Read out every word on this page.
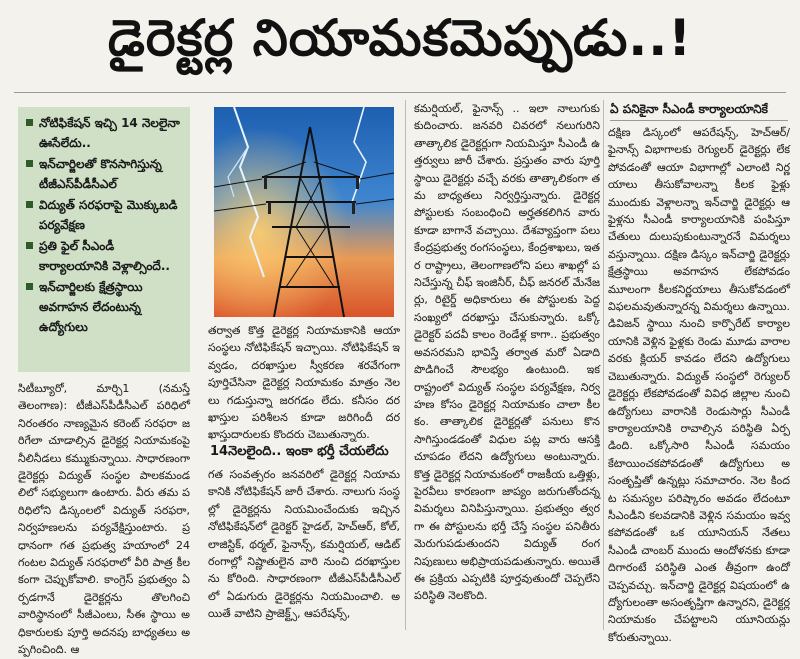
డైరెక్టర్ల నియామకమెప్పుడు..!
నోటిఫికేషన్ ఇచ్చి 14 నెలలైనా ఊసేలేదు..
ఇన్‌చార్జిలతో కొనసాగిస్తున్న టీజీఎస్‌పీడీసీఎల్
విద్యుత్ సరఫరాపై మొక్కుబడి పర్యవేక్షణ
ప్రతి ఫైల్ సీఎండీ కార్యాలయానికి వెళ్లాల్సిందే..
ఇన్‌చార్జిలకు క్షేత్రస్థాయి అవగాహన లేదంటున్న ఉద్యోగులు

సిటీబ్యూరో, మార్చి1 (నమస్తే తెలంగాణ): టీజీఎస్‌పీడీసీఎల్ పరిధిలో నిరంతరం నాణ్యమైన కరెంట్ సరఫరా జరిగేలా చూడాల్సిన డైరెక్టర్ల నియామకంపై నీలినీడలు కమ్ముకున్నాయి. సాధారణంగా డైరెక్టర్లు విద్యుత్ సంస్థల పాలకమండలిలో సభ్యులుగా ఉంటారు. వీరు తమ పరిధిలోని డిస్కంలలో విద్యుత్ సరఫరా, నిర్వహణలను పర్యవేక్షిస్తుంటారు. ప్రధానంగా గత ప్రభుత్వ హయాంలో 24గంటల విద్యుత్ సరఫరాలో వీరి పాత్ర కీలకంగా చెప్పుకోవాలి. కాంగ్రెస్ ప్రభుత్వం ఏర్పడగానే డైరెక్టర్లను తొలగించి వారిస్థానంలో సీజీఎంలు, సీఈ స్థాయి అధికారులకు పూర్తి అదనపు బాధ్యతలు అప్పగించింది. ఆ

తర్వాత కొత్త డైరెక్టర్ల నియామకానికి ఆయా సంస్థలు నోటిఫికేషన్ ఇచ్చాయి. నోటిఫికేషన్ ఇవ్వడం, దరఖాస్తుల స్వీకరణ శరవేగంగా పూర్తిచేసినా డైరెక్టర్ల నియామకం మాత్రం నెలలు గడుస్తున్నా జరగడం లేదు. కనీసం దరఖాస్తుల పరిశీలన కూడా జరిగిందీ దర ఖాస్తుదారులకు కొందరు చెబుతున్నారు.

14నెలలైంది.. ఇంకా భర్తీ చేయలేదు

గత సంవత్సరం జనవరిలో డైరెక్టర్ల నియామకానికి నోటిఫికేషన్ జారీ చేశారు. నాలుగు సంస్థల్లో డైరెక్టర్లను నియమించేందుకు ఇచ్చిన నోటిఫికేషన్‌లో డైరెక్టర్ హైడల్, హెచ్‌ఆర్, కోల్, లాజిస్టిక్, థర్మల్, ఫైనాన్స్, కమర్షియల్, ఆడిట్ రంగాల్లో నిష్ణాతులైన వారి నుంచి దరఖాస్తులను కోరింది. సాధారణంగా టీజీఎస్‌పీడీసీఎల్ లో ఏడుగురు డైరెక్టర్లను నియమించాలి. అయితే వాటిని ప్రాజెక్ట్స్, ఆపరేషన్స్,

కమర్షియల్, ఫైనాన్స్ .. ఇలా నాలుగుకు కుదించారు. జనవరి చివరలో నలుగురిని తాత్కాలిక డైరెక్టర్లుగా నియమిస్తూ సీఎండీ ఉత్తర్వులు జారీ చేశారు. ప్రస్తుతం వారు పూర్తి స్థాయి డైరెక్టర్లు వచ్చే వరకు తాత్కాలికంగా తమ బాధ్యతలు నిర్వర్తిస్తున్నారు. డైరెక్టర్ల పోస్టులకు సంబంధించి అర్హతకలిగిన వారు కూడా బాగానే వచ్చాయి. దేశవ్యాప్తంగా పలు కేంద్రప్రభుత్వ రంగసంస్థలు, కేంద్రశాఖలు, ఇతర రాష్ట్రాలు, తెలంగాణలోని పలు శాఖల్లో పనిచేస్తున్న చీఫ్ ఇంజినీర్, చీఫ్ జనరల్ మేనేజర్లు, రిటైర్డ్ అధికారులు ఈ పోస్టులకు పెద్ద సంఖ్యలో దరఖాస్తు చేసుకున్నారు. ఒక్కో డైరెక్టర్ పదవీ కాలం రెండేళ్ల కాగా.. ప్రభుత్వం అవసరమని భావిస్తే తర్వాత మరో ఏడాది పొడిగించే సౌలభ్యం ఉంటుంది. ఇక రాష్ట్రంలో విద్యుత్ సంస్థల పర్యవేక్షణ, నిర్వహణ కోసం డైరెక్టర్ల నియామకం చాలా కీలకం. తాత్కాలిక డైరెక్టర్లతో పనులు కొనసాగిస్తుండడంతో విధుల పట్ల వారు ఆసక్తి చూపడం లేదని ఉద్యోగులు అంటున్నారు. కొత్త డైరెక్టర్ల నియామకంలో రాజకీయ ఒత్తిళ్లు, పైరవీలు కారణంగా జాప్యం జరుగుతోందన్న విమర్శలు వినిపిస్తున్నాయి. ప్రభుత్వం త్వరగా ఈ పోస్టులను భర్తీ చేస్తే సంస్థల పనితీరు మెరుగుపడుతుందని విద్యుత్ రంగ నిపుణులు అభిప్రాయపడుతున్నారు. అయితే ఈ ప్రక్రియ ఎప్పటికి పూర్తవుతుందో చెప్పలేని పరిస్థితి నెలకొంది.

ఏ పనికైనా సీఎండీ కార్యాలయానికే

దక్షిణ డిస్కంలో ఆపరేషన్స్, హెచ్‌ఆర్/ఫైనాన్స్ విభాగాలకు రెగ్యులర్ డైరెక్టర్లు లేకపోవడంతో ఆయా విభాగాల్లో ఎలాంటి నిర్ణయాలు తీసుకోవాలన్నా కీలక ఫైళ్లు ముందుకు వెళ్లాలన్నా ఇన్‌చార్జి డైరెక్టర్లు ఆ ఫైళ్లను సీఎండీ కార్యాలయానికి పంపిస్తూ చేతులు దులుపుకుంటున్నారనే విమర్శలు వస్తున్నాయి. దక్షిణ డిస్కం ఇన్‌చార్జి డైరెక్టర్లు క్షేత్రస్థాయి అవగాహన లేకపోవడం మూలంగా కీలకనిర్ణయాలు తీసుకోవడంలో విఫలమవుతున్నారన్న విమర్శలు ఉన్నాయి. డివిజన్ స్థాయి నుంచి కార్పొరేట్ కార్యాలయానికి వెళ్లిన ఫైళ్లకు రెండు మూడు వారాల వరకు క్లియర్ కావడం లేదని ఉద్యోగులు చెబుతున్నారు. విద్యుత్ సంస్థలో రెగ్యులర్ డైరెక్టర్లు లేకపోవడంతో వివిధ జిల్లాల నుంచి ఉద్యోగులు వారానికి రెండుసార్లు సీఎండీ కార్యాలయానికి రావాల్సిన పరిస్థితి ఏర్పడింది. ఒక్కోసారి సీఎండీ సమయం కేటాయించకపోవడంతో ఉద్యోగులు అసంతృప్తితో ఉన్నట్లు సమాచారం. నెల కిందట సమస్యల పరిష్కారం అవడం లేదంటూ సీఎండీని కలవడానికి వెళ్లిన సమయం ఇవ్వకపోవడంతో ఒక యూనియన్ నేతలు సీఎండీ చాంబర్ ముందు ఆందోళనకు కూడా దిగారంటే పరిస్థితి ఎంత తీవ్రంగా ఉందో చెప్పవచ్చు. ఇన్‌చార్జి డైరెక్టర్ల విషయంలో ఉద్యోగులంతా అసంతృప్తిగా ఉన్నారని, డైరెక్టర్ల నియామకం చేపట్టాలని యూనియన్లు కోరుతున్నాయి.
